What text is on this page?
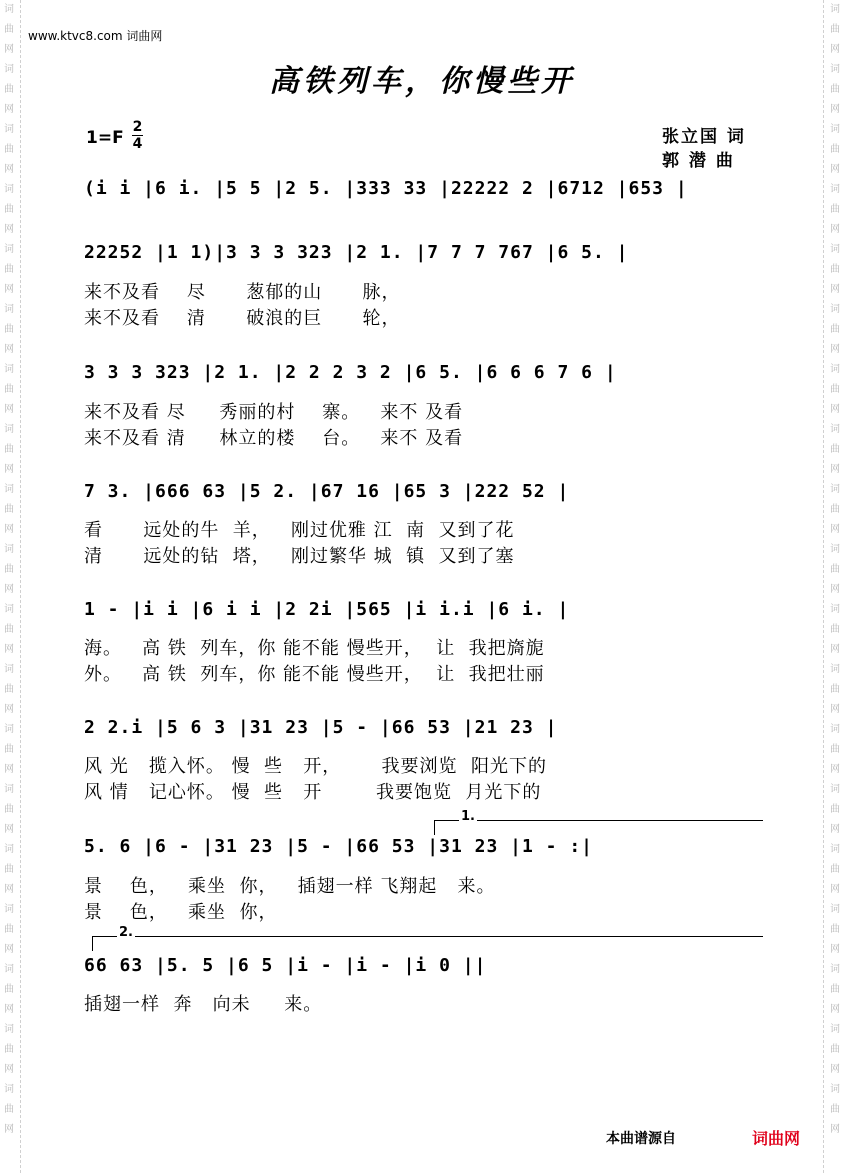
词
曲
网
词
曲
网
词
曲
网
词
曲
网
词
曲
网
词
曲
网
词
曲
网
词
曲
网
词
曲
网
词
曲
网
词
曲
网
词
曲
网
词
曲
网
词
曲
网
词
曲
网
词
曲
网
词
曲
网
词
曲
网
词
曲
网
词
曲
网
词
曲
网
词
曲
网
词
曲
网
词
曲
网
词
曲
网
词
曲
网
词
曲
网
词
曲
网
词
曲
网
词
曲
网
词
曲
网
词
曲
网
词
曲
网
词
曲
网
词
曲
网
词
曲
网
词
曲
网
词
曲
网
www.ktvc8.com 词曲网
高铁列车，你慢些开
1=F
2
4	张立国 词
郭 潜 曲
(i i |6 i. |5 5 |2 5. |333 33 |22222 2 |6712 |653 |
22252 |1 1)|3 3 3 323 |2 1. |7 7 7 767 |6 5. |
来不及看    尽      葱郁的山      脉，
来不及看    清      破浪的巨      轮，
3 3 3 323 |2 1. |2 2 2 3 2 |6 5. |6 6 6 7 6 |
来不及看 尽     秀丽的村    寨。   来不 及看
来不及看 清     林立的楼    台。   来不 及看
7 3. |666 63 |5 2. |67 16 |65 3 |222 52 |
看      远处的牛  羊，   刚过优雅 江  南  又到了花
清      远处的钻  塔，   刚过繁华 城  镇  又到了塞
1 - |i i |6 i i |2 2i |565 |i i.i |6 i. |
海。   高 铁  列车，你 能不能 慢些开，  让  我把旖旎
外。   高 铁  列车，你 能不能 慢些开，  让  我把壮丽
2 2.i |5 6 3 |31 23 |5 - |66 53 |21 23 |
风 光   揽入怀。 慢  些   开，      我要浏览  阳光下的
风 情   记心怀。 慢  些   开        我要饱览  月光下的
1.
5. 6 |6 - |31 23 |5 - |66 53 |31 23 |1 - :|
景    色，   乘坐  你，   插翅一样 飞翔起   来。
景    色，   乘坐  你，
2.
66 63 |5. 5 |6 5 |i - |i - |i 0 ||
插翅一样  奔   向未     来。
本曲谱源自	词曲网
